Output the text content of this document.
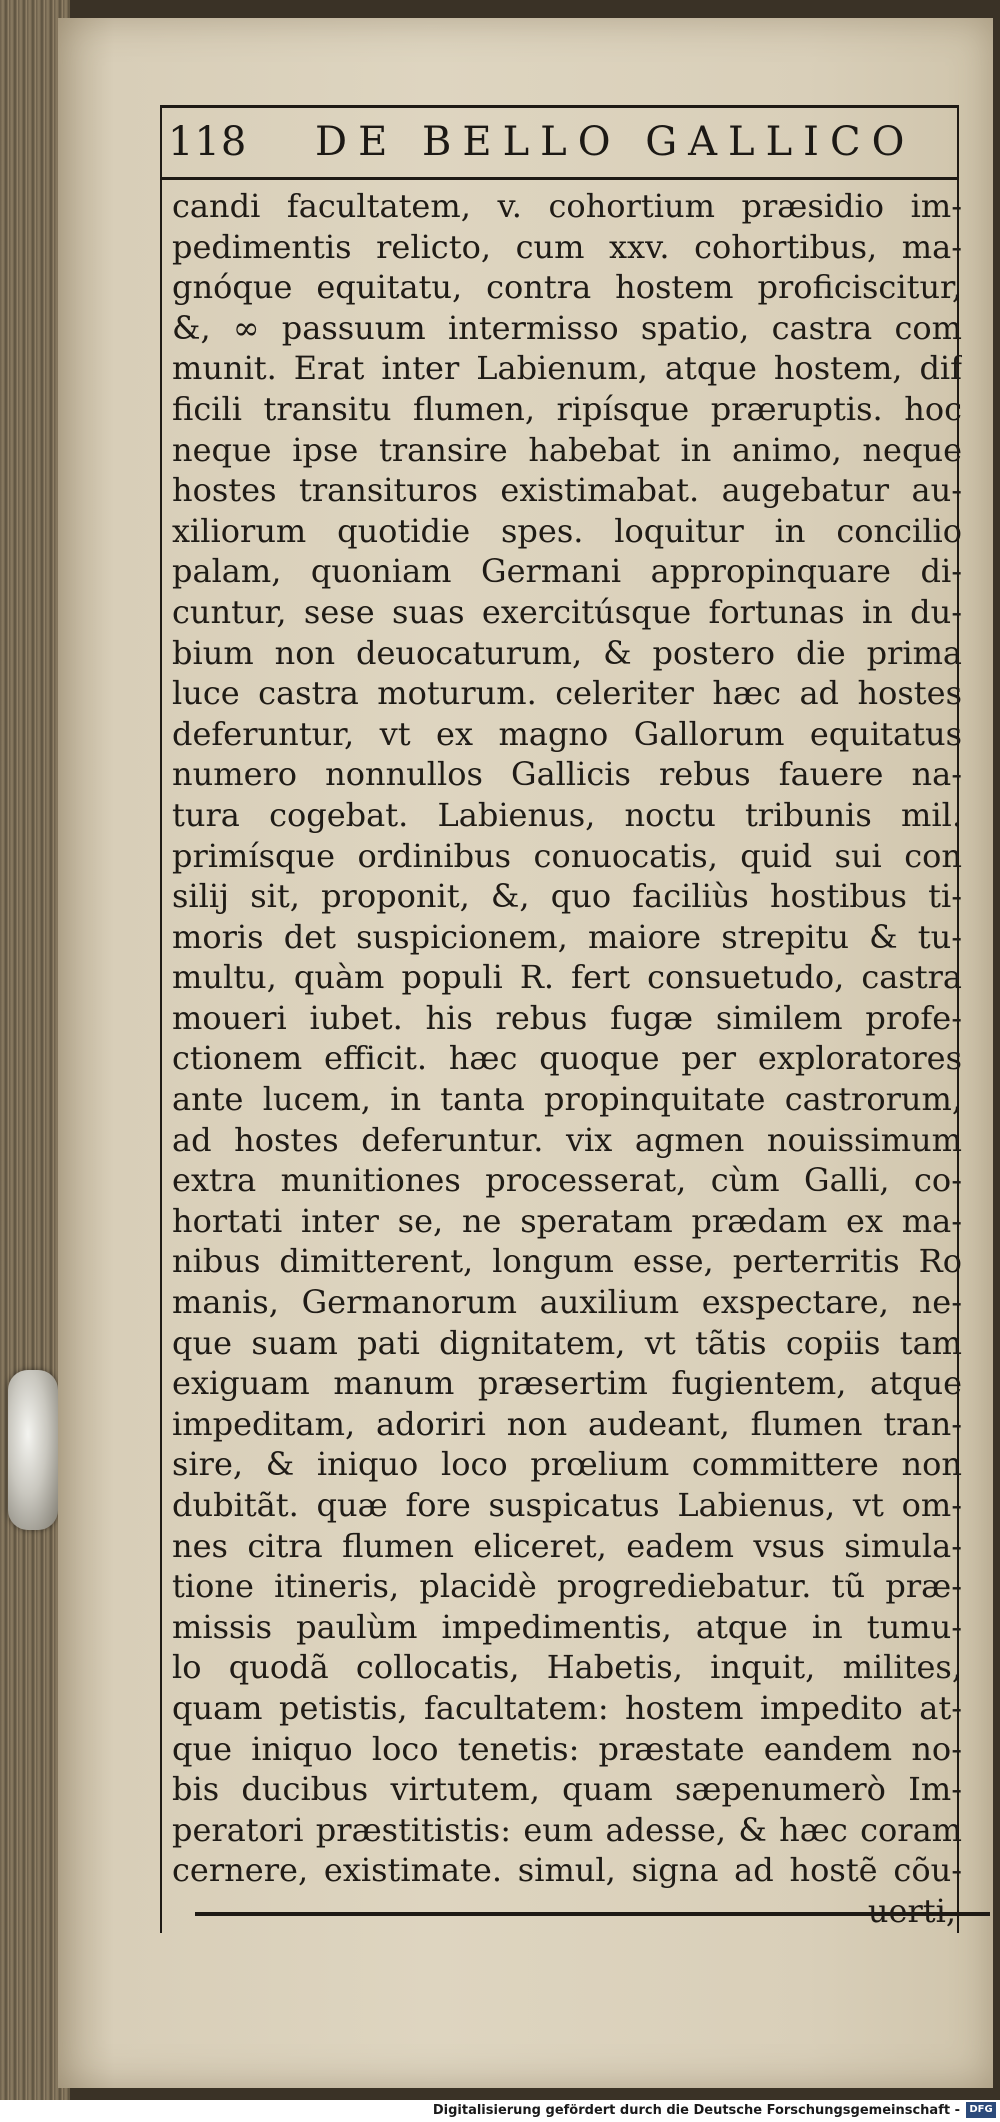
118 DE BELLO GALLICO
candi facultatem, v. cohortium præsidio im-
pedimentis relicto, cum xxv. cohortibus, ma-
gnóque equitatu, contra hostem proficiscitur,
&, ∞ passuum intermisso spatio, castra com
munit. Erat inter Labienum, atque hostem, dif
ficili transitu flumen, ripísque præruptis. hoc
neque ipse transire habebat in animo, neque
hostes transituros existimabat. augebatur au-
xiliorum quotidie spes. loquitur in concilio
palam, quoniam Germani appropinquare di-
cuntur, sese suas exercitúsque fortunas in du-
bium non deuocaturum, & postero die prima
luce castra moturum. celeriter hæc ad hostes
deferuntur, vt ex magno Gallorum equitatus
numero nonnullos Gallicis rebus fauere na-
tura cogebat. Labienus, noctu tribunis mil.
primísque ordinibus conuocatis, quid sui con
silij sit, proponit, &, quo faciliùs hostibus ti-
moris det suspicionem, maiore strepitu & tu-
multu, quàm populi R. fert consuetudo, castra
moueri iubet. his rebus fugæ similem profe-
ctionem efficit. hæc quoque per exploratores
ante lucem, in tanta propinquitate castrorum,
ad hostes deferuntur. vix agmen nouissimum
extra munitiones processerat, cùm Galli, co-
hortati inter se, ne speratam prædam ex ma-
nibus dimitterent, longum esse, perterritis Ro
manis, Germanorum auxilium exspectare, ne-
que suam pati dignitatem, vt tãtis copiis tam
exiguam manum præsertim fugientem, atque
impeditam, adoriri non audeant, flumen tran-
sire, & iniquo loco prœlium committere non
dubitãt. quæ fore suspicatus Labienus, vt om-
nes citra flumen eliceret, eadem vsus simula-
tione itineris, placidè progrediebatur. tũ præ-
missis paulùm impedimentis, atque in tumu-
lo quodã collocatis, Habetis, inquit, milites,
quam petistis, facultatem: hostem impedito at-
que iniquo loco tenetis: præstate eandem no-
bis ducibus virtutem, quam sæpenumerò Im-
peratori præstitistis: eum adesse, & hæc coram
cernere, existimate. simul, signa ad hostẽ cõu-
uerti,
Digitalisierung gefördert durch die Deutsche Forschungsgemeinschaft - DFG
